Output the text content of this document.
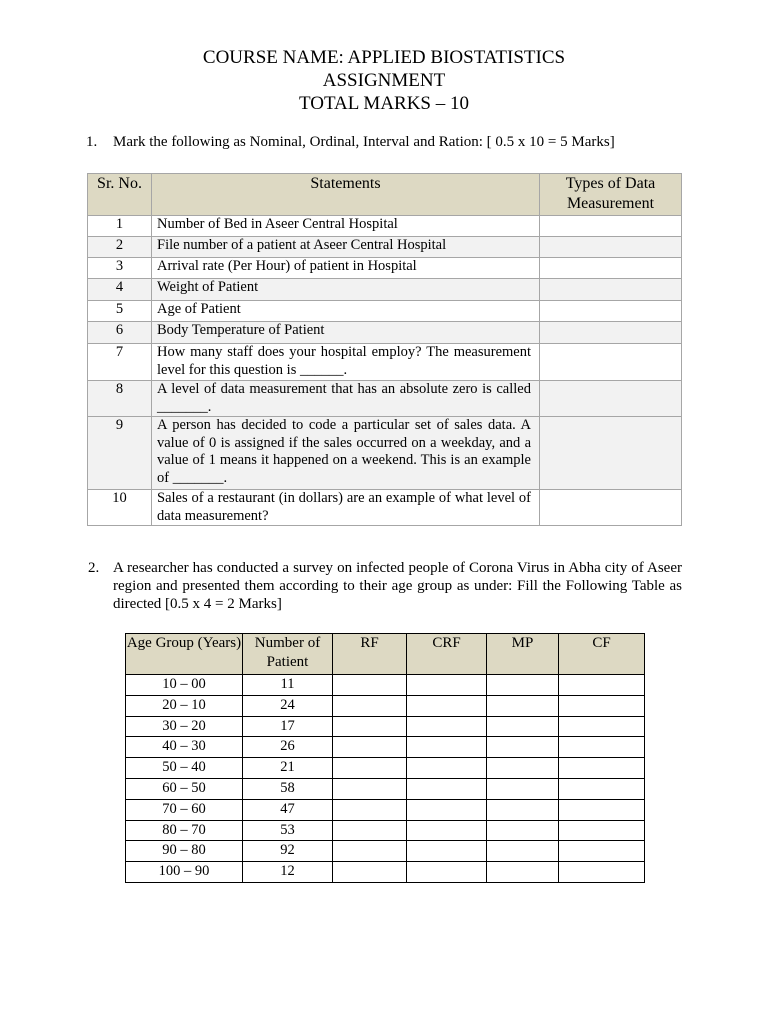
COURSE NAME: APPLIED BIOSTATISTICS
ASSIGNMENT
TOTAL MARKS – 10
1. Mark the following as Nominal, Ordinal, Interval and Ration: [ 0.5 x 10 = 5 Marks]
Sr. No.	Statements	Types of Data Measurement
1	Number of Bed in Aseer Central Hospital	
2	File number of a patient at Aseer Central Hospital	
3	Arrival rate (Per Hour) of patient in Hospital	
4	Weight of Patient	
5	Age of Patient	
6	Body Temperature of Patient	
7	How many staff does your hospital employ? The measurement level for this question is ______.	
8	A level of data measurement that has an absolute zero is called _______.	
9	A person has decided to code a particular set of sales data. A value of 0 is assigned if the sales occurred on a weekday, and a value of 1 means it happened on a weekend. This is an example of _______.	
10	Sales of a restaurant (in dollars) are an example of what level of data measurement?	
2. A researcher has conducted a survey on infected people of Corona Virus in Abha city of Aseer region and presented them according to their age group as under: Fill the Following Table as directed [0.5 x 4 = 2 Marks]
Age Group (Years)	Number of Patient	RF	CRF	MP	CF
10 – 00	11				
20 – 10	24				
30 – 20	17				
40 – 30	26				
50 – 40	21				
60 – 50	58				
70 – 60	47				
80 – 70	53				
90 – 80	92				
100 – 90	12				
